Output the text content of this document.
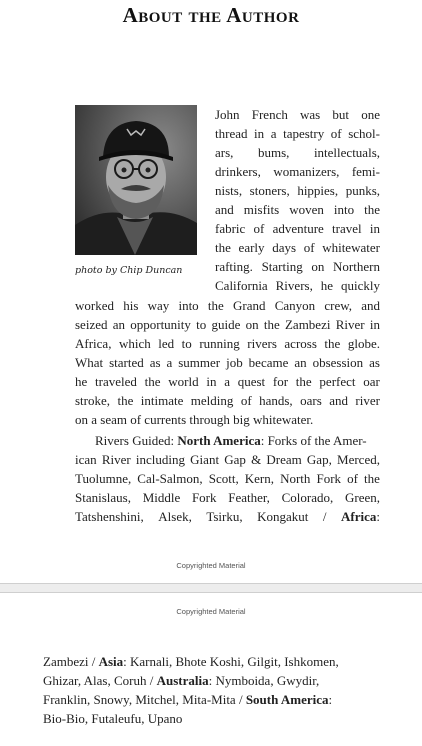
About the Author
photo by Chip Duncan
John French was but one
thread in a tapestry of schol-
ars, bums, intellectuals,
drinkers, womanizers, femi-
nists, stoners, hippies, punks,
and misfits woven into the
fabric of adventure travel in
the early days of whitewater
rafting. Starting on Northern
California Rivers, he quickly
worked his way into the Grand Canyon crew, and
seized an opportunity to guide on the Zambezi River in
Africa, which led to running rivers across the globe.
What started as a summer job became an obsession as
he traveled the world in a quest for the perfect oar
stroke, the intimate melding of hands, oars and river
on a seam of currents through big whitewater.
Rivers Guided: North America: Forks of the Amer-
ican River including Giant Gap & Dream Gap, Merced,
Tuolumne, Cal-Salmon, Scott, Kern, North Fork of the
Stanislaus, Middle Fork Feather, Colorado, Green,
Tatshenshini, Alsek, Tsirku, Kongakut / Africa:
Copyrighted Material
Copyrighted Material
Zambezi / Asia: Karnali, Bhote Koshi, Gilgit, Ishkomen,
Ghizar, Alas, Coruh / Australia: Nymboida, Gwydir,
Franklin, Snowy, Mitchel, Mita-Mita / South America:
Bio-Bio, Futaleufu, Upano
